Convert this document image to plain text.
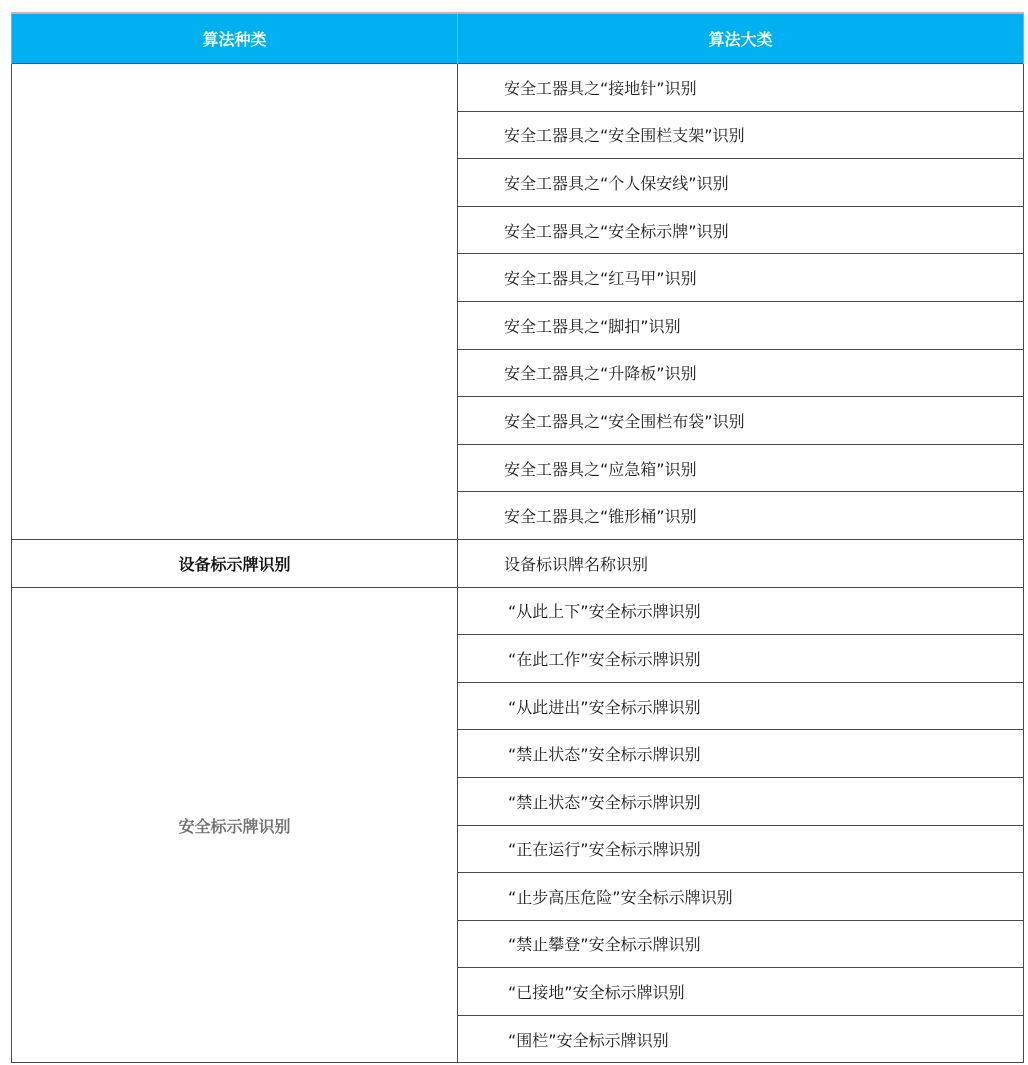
算法种类	算法大类
	安全工器具之“接地针”识别
	安全工器具之“安全围栏支架”识别
	安全工器具之“个人保安线”识别
	安全工器具之“安全标示牌”识别
	安全工器具之“红马甲”识别
	安全工器具之“脚扣”识别
	安全工器具之“升降板”识别
	安全工器具之“安全围栏布袋”识别
	安全工器具之“应急箱”识别
	安全工器具之“锥形桶”识别
设备标示牌识别	设备标识牌名称识别
安全标示牌识别	“从此上下”安全标示牌识别
	“在此工作”安全标示牌识别
	“从此进出”安全标示牌识别
	“禁止状态”安全标示牌识别
	“禁止状态”安全标示牌识别
	“正在运行”安全标示牌识别
	“止步高压危险”安全标示牌识别
	“禁止攀登”安全标示牌识别
	“已接地”安全标示牌识别
	“围栏”安全标示牌识别
